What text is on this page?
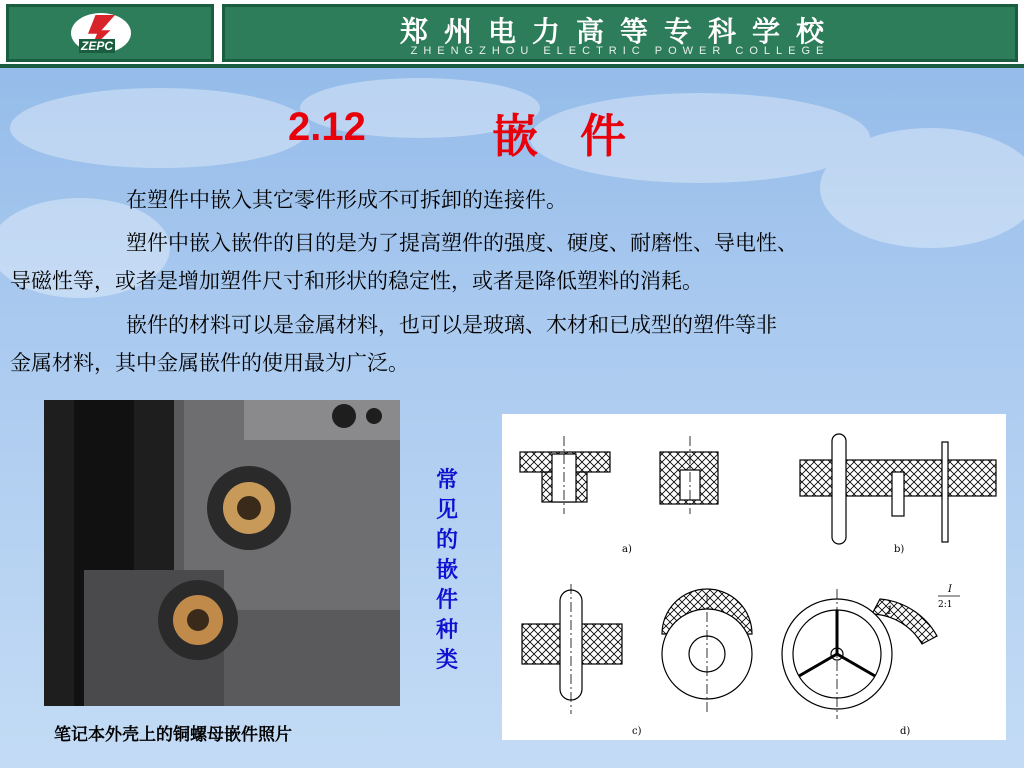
ZEPC	郑州电力高等专科学校
ZHENGZHOU ELECTRIC POWER COLLEGE
2.12	嵌件
在塑件中嵌入其它零件形成不可拆卸的连接件。
塑件中嵌入嵌件的目的是为了提高塑件的强度、硬度、耐磨性、导电性、
导磁性等，或者是增加塑件尺寸和形状的稳定性，或者是降低塑料的消耗。
嵌件的材料可以是金属材料，也可以是玻璃、木材和已成型的塑件等非
金属材料，其中金属嵌件的使用最为广泛。
常
见
的
嵌
件
种
类
a)	b)
c)	d)
1
I
2:1
笔记本外壳上的铜螺母嵌件照片
